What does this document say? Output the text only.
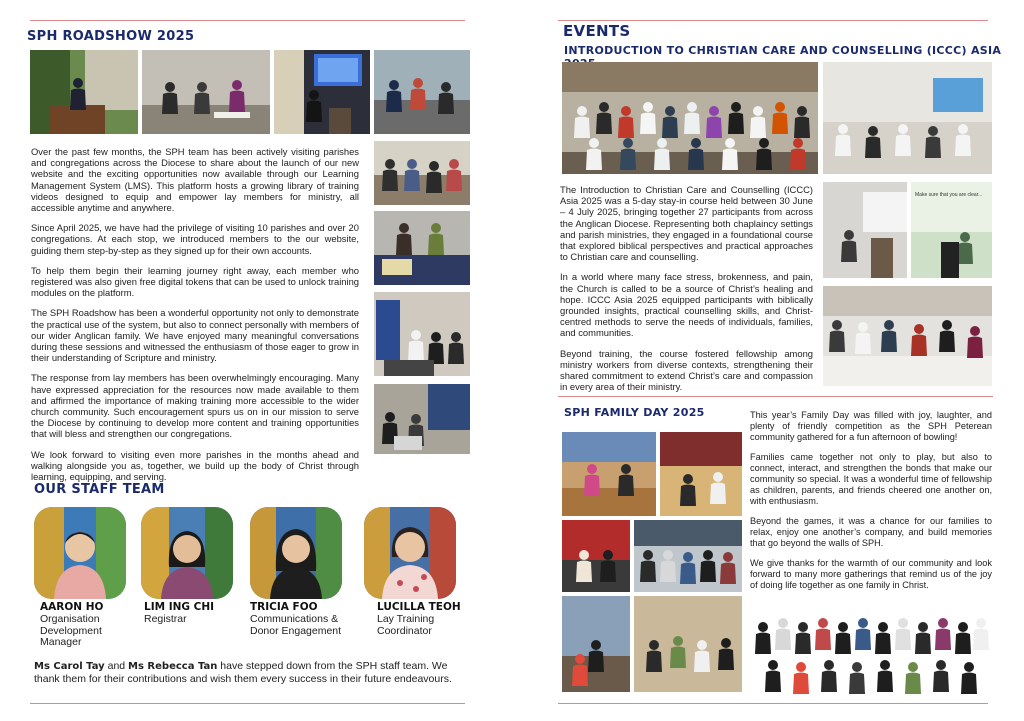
SPH ROADSHOW 2025

Over the past few months, the SPH team has been actively visiting parishes and congregations across the Diocese to share about the launch of our new website and the exciting opportunities now available through our Learning Management System (LMS). This platform hosts a growing library of training videos designed to equip and empower lay members for ministry, all accessible anytime and anywhere.

Since April 2025, we have had the privilege of visiting 10 parishes and over 20 congregations. At each stop, we introduced members to the our website, guiding them step-by-step as they signed up for their own accounts.

To help them begin their learning journey right away, each member who registered was also given free digital tokens that can be used to unlock training modules on the platform.

The SPH Roadshow has been a wonderful opportunity not only to demonstrate the practical use of the system, but also to connect personally with members of our wider Anglican family. We have enjoyed many meaningful conversations during these sessions and witnessed the enthusiasm of those eager to grow in their understanding of Scripture and ministry.

The response from lay members has been overwhelmingly encouraging. Many have expressed appreciation for the resources now made available to them and affirmed the importance of making training more accessible to the wider church community. Such encouragement spurs us on in our mission to serve the Diocese by continuing to develop more content and training opportunities that will bless and strengthen our congregations.

We look forward to visiting even more parishes in the months ahead and walking alongside you as, together, we build up the body of Christ through learning, equipping, and serving.

OUR STAFF TEAM
AARON HO
Organisation Development Manager
LIM ING CHI
Registrar
TRICIA FOO
Communications & Donor Engagement
LUCILLA TEOH
Lay Training Coordinator
Ms Carol Tay and Ms Rebecca Tan have stepped down from the SPH staff team. We thank them for their contributions and wish them every success in their future endeavours.
EVENTS
INTRODUCTION TO CHRISTIAN CARE AND COUNSELLING (ICCC) ASIA

The Introduction to Christian Care and Counselling (ICCC) Asia 2025 was a 5-day stay-in course held between 30 June – 4 July 2025, bringing together 27 participants from across the Anglican Diocese. Representing both chaplaincy settings and parish ministries, they engaged in a foundational course that explored biblical perspectives and practical approaches to Christian care and counselling.

In a world where many face stress, brokenness, and pain, the Church is called to be a source of Christ’s healing and hope. ICCC Asia 2025 equipped participants with biblically grounded insights, practical counselling skills, and Christ-centred methods to serve the needs of individuals, families, and communities.

Beyond training, the course fostered fellowship among ministry workers from diverse contexts, strengthening their shared commitment to extend Christ’s care and compassion in every area of their ministry.

Make sure that you are clear...
SPH FAMILY DAY 2025	This year’s Family Day was filled with joy, laughter, and plenty of friendly competition as the SPH Peterean community gathered for a fun afternoon of bowling!

Families came together not only to play, but also to connect, interact, and strengthen the bonds that make our community so special. It was a wonderful time of fellowship as children, parents, and friends cheered one another on, with enthusiasm.

Beyond the games, it was a chance for our families to relax, enjoy one another’s company, and build memories that go beyond the walls of SPH.

We give thanks for the warmth of our community and look forward to many more gatherings that remind us of the joy of doing life together as one family in Christ.
